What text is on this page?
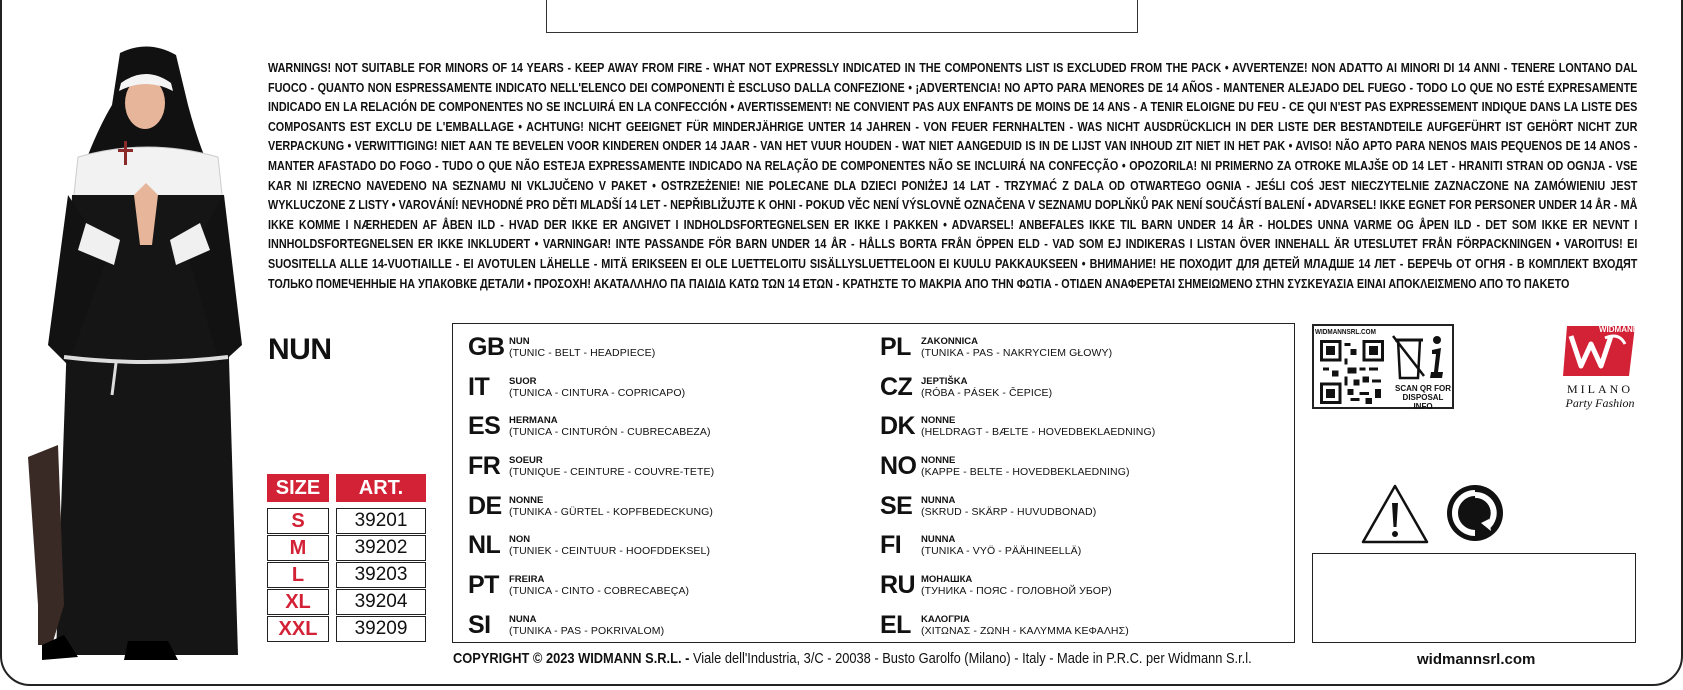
WARNINGS! NOT SUITABLE FOR MINORS OF 14 YEARS - KEEP AWAY FROM FIRE - WHAT NOT EXPRESSLY INDICATED IN THE COMPONENTS LIST IS EXCLUDED FROM THE PACK • AVVERTENZE! NON ADATTO AI MINORI DI 14 ANNI - TENERE LONTANO DAL FUOCO - QUANTO NON ESPRESSAMENTE INDICATO NELL'ELENCO DEI COMPONENTI È ESCLUSO DALLA CONFEZIONE • ¡ADVERTENCIA! NO APTO PARA MENORES DE 14 AÑOS - MANTENER ALEJADO DEL FUEGO - TODO LO QUE NO ESTÉ EXPRESAMENTE INDICADO EN LA RELACIÓN DE COMPONENTES NO SE INCLUIRÁ EN LA CONFECCIÓN • AVERTISSEMENT! NE CONVIENT PAS AUX ENFANTS DE MOINS DE 14 ANS - A TENIR ELOIGNE DU FEU - CE QUI N'EST PAS EXPRESSEMENT INDIQUE DANS LA LISTE DES COMPOSANTS EST EXCLU DE L'EMBALLAGE • ACHTUNG! NICHT GEEIGNET FÜR MINDERJÄHRIGE UNTER 14 JAHREN - VON FEUER FERNHALTEN - WAS NICHT AUSDRÜCKLICH IN DER LISTE DER BESTANDTEILE AUFGEFÜHRT IST GEHÖRT NICHT ZUR VERPACKUNG • VERWITTIGING! NIET AAN TE BEVELEN VOOR KINDEREN ONDER 14 JAAR - VAN HET VUUR HOUDEN - WAT NIET AANGEDUID IS IN DE LIJST VAN INHOUD ZIT NIET IN HET PAK • AVISO! NÃO APTO PARA NENOS MAIS PEQUENOS DE 14 ANOS - MANTER AFASTADO DO FOGO - TUDO O QUE NÃO ESTEJA EXPRESSAMENTE INDICADO NA RELAÇÃO DE COMPONENTES NÃO SE INCLUIRÁ NA CONFECÇÃO • OPOZORILA! NI PRIMERNO ZA OTROKE MLAJŠE OD 14 LET - HRANITI STRAN OD OGNJA - VSE KAR NI IZRECNO NAVEDENO NA SEZNAMU NI VKLJUČENO V PAKET • OSTRZEŻENIE! NIE POLECANE DLA DZIECI PONIŻEJ 14 LAT - TRZYMAĆ Z DALA OD OTWARTEGO OGNIA - JEŚLI COŚ JEST NIECZYTELNIE ZAZNACZONE NA ZAMÓWIENIU JEST WYKLUCZONE Z LISTY • VAROVÁNÍ! NEVHODNÉ PRO DĚTI MLADŠÍ 14 LET - NEPŘIBLIŽUJTE K OHNI - POKUD VĚC NENÍ VÝSLOVNĚ OZNAČENA V SEZNAMU DOPLŇKŮ PAK NENÍ SOUČÁSTÍ BALENÍ • ADVARSEL! IKKE EGNET FOR PERSONER UNDER 14 ÅR - MÅ IKKE KOMME I NÆRHEDEN AF ÅBEN ILD - HVAD DER IKKE ER ANGIVET I INDHOLDSFORTEGNELSEN ER IKKE I PAKKEN • ADVARSEL! ANBEFALES IKKE TIL BARN UNDER 14 ÅR - HOLDES UNNA VARME OG ÅPEN ILD - DET SOM IKKE ER NEVNT I INNHOLDSFORTEGNELSEN ER IKKE INKLUDERT • VARNINGAR! INTE PASSANDE FÖR BARN UNDER 14 ÅR - HÅLLS BORTA FRÅN ÖPPEN ELD - VAD SOM EJ INDIKERAS I LISTAN ÖVER INNEHALL ÄR UTESLUTET FRÅN FÖRPACKNINGEN • VAROITUS! EI SUOSITELLA ALLE 14-VUOTIAILLE - EI AVOTULEN LÄHELLE - MITÄ ERIKSEEN EI OLE LUETTELOITU SISÄLLYSLUETTELOON EI KUULU PAKKAUKSEEN • ВНИМАНИЕ! НЕ ПОХОДИТ ДЛЯ ДЕТЕЙ МЛАДШЕ 14 ЛЕТ - БЕРЕЧЬ ОТ ОГНЯ - В КОМПЛЕКТ ВХОДЯТ ТОЛЬКО ПОМЕЧЕННЫЕ НА УПАКОВКЕ ДЕТАЛИ • ΠΡΟΣΟΧΗ! ΑΚΑΤΑΛΛΗΛΟ ΠΑ ΠΑΙΔΙΔ ΚΑΤΩ ΤΩΝ 14 ΕΤΩΝ - ΚΡΑΤΗΣΤΕ ΤΟ ΜΑΚΡΙΑ ΑΠΟ ΤΗΝ ΦΩΤΙΑ - ΟΤΙΔΕΝ ΑΝΑΦΕΡΕΤΑΙ ΣΗΜΕΙΩΜΕΝΟ ΣΤΗΝ ΣΥΣΚΕΥΑΣΙΑ ΕΙΝΑΙ ΑΠΟΚΛΕΙΣΜΕΝΟ ΑΠΟ ΤΟ ΠΑΚΕΤΟ
NUN
SIZE	ART.
S	39201
M	39202
L	39203
XL	39204
XXL	39209
GB NUN
(TUNIC - BELT - HEADPIECE)
IT	SUOR
(TUNICA - CINTURA - COPRICAPO)
ES HERMANA
(TUNICA - CINTURÓN - CUBRECABEZA)
FR SOEUR
(TUNIQUE - CEINTURE - COUVRE-TETE)
DE NONNE
(TUNIKA - GÜRTEL - KOPFBEDECKUNG)
NL NON
(TUNIEK - CEINTUUR - HOOFDDEKSEL)
PT	FREIRA
(TUNICA - CINTO - COBRECABEÇA)
SI	NUNA
(TUNIKA - PAS - POKRIVALOM)
PL	ZAKONNICA
(TUNIKA - PAS - NAKRYCIEM GŁOWY)
CZ JEPTIŠKA
(RÓBA - PÁSEK - ČEPICE)
DK NONNE
(HELDRAGT - BÆLTE - HOVEDBEKLAEDNING)
NO NONNE
(KAPPE - BELTE - HOVEDBEKLAEDNING)
SE NUNNA
(SKRUD - SKÄRP - HUVUDBONAD)
FI	NUNNA
(TUNIKA - VYÖ - PÄÄHINEELLÄ)
RU МОНАШКА
(ТУНИКА - ПОЯС - ГОЛОВНОЙ УБОР)
EL	ΚΑΛΟΓΡΙΑ
(ΧΙΤΩΝΑΣ - ΖΩΝΗ - ΚΑΛΥΜΜΑ ΚΕΦΑΛΗΣ)
COPYRIGHT © 2023 WIDMANN S.R.L. - Viale dell'Industria, 3/C - 20038 - Busto Garolfo (Milano) - Italy - Made in P.R.C. per Widmann S.r.l.	widmannsrl.com
WIDMANNSRL.COM
SCAN QR FOR DISPOSAL INFO
WIDMANN
MILANO
Party Fashion
